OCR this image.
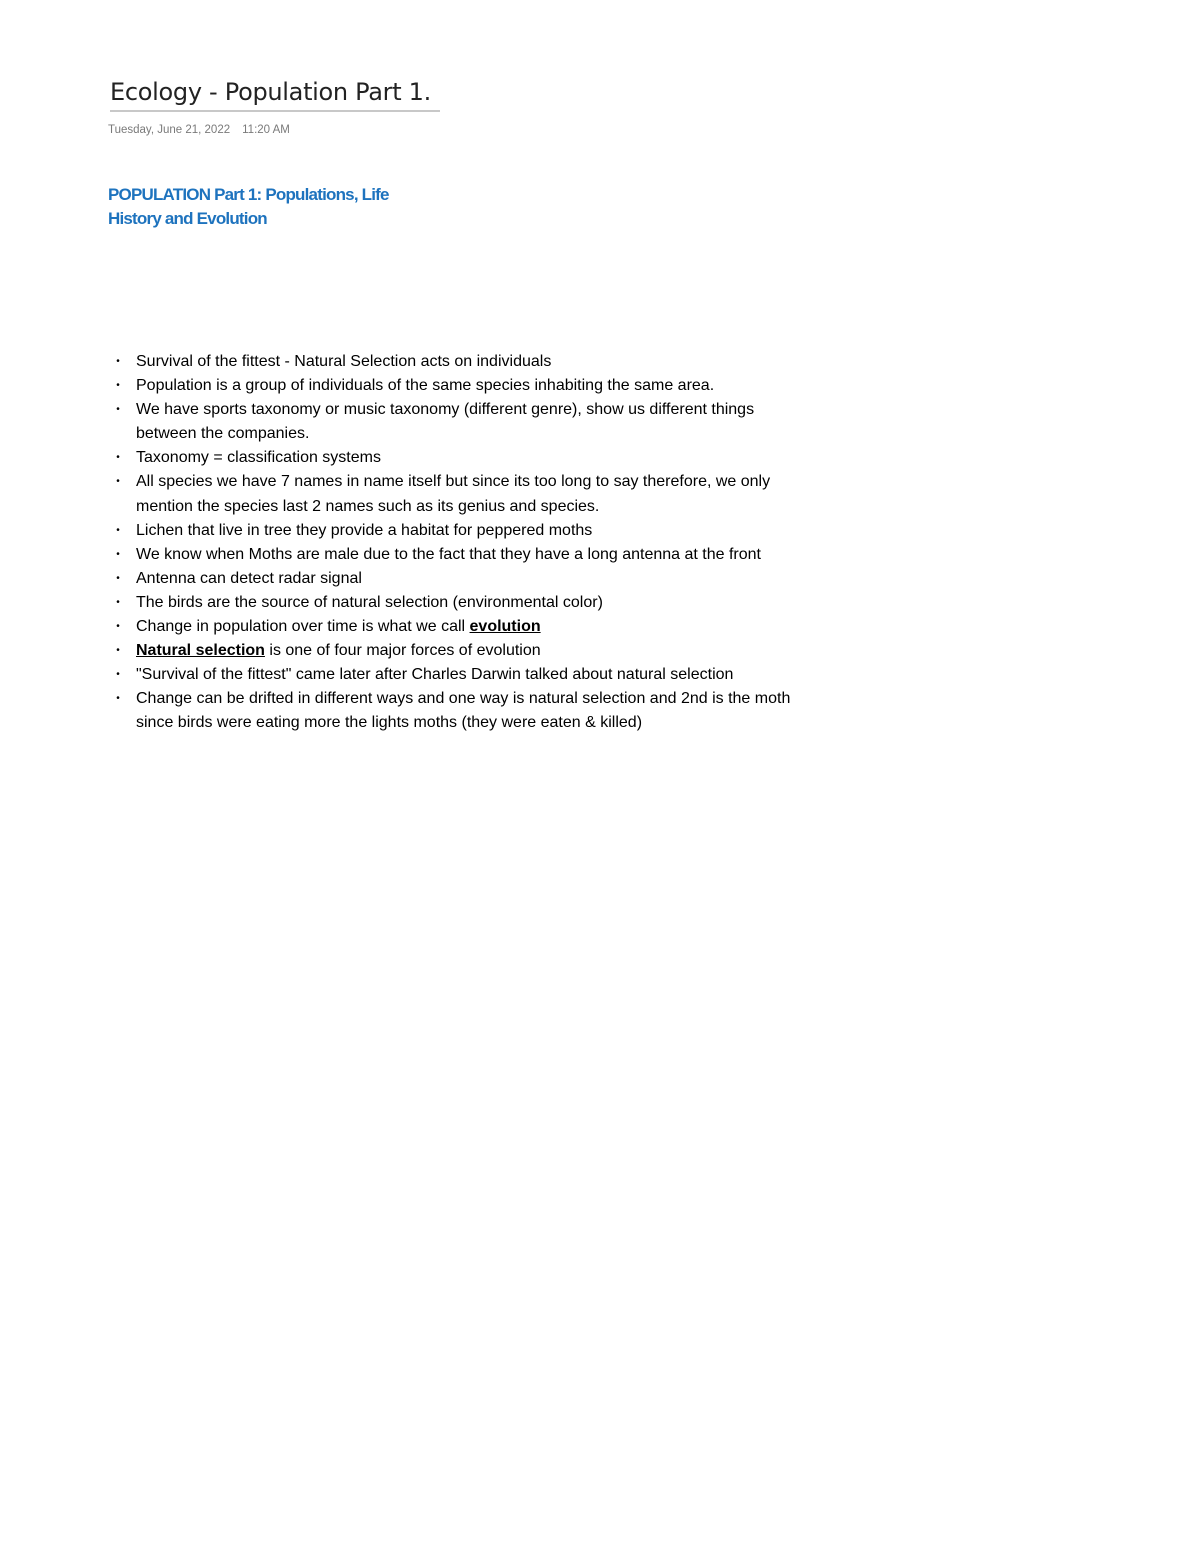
Ecology - Population Part 1.
Tuesday, June 21, 2022 11:20 AM
POPULATION Part 1: Populations, Life
History and Evolution
• Survival of the fittest - Natural Selection acts on individuals
• Population is a group of individuals of the same species inhabiting the same area.
• We have sports taxonomy or music taxonomy (different genre), show us different things between the companies.
• Taxonomy = classification systems
• All species we have 7 names in name itself but since its too long to say therefore, we only mention the species last 2 names such as its genius and species.
• Lichen that live in tree they provide a habitat for peppered moths
• We know when Moths are male due to the fact that they have a long antenna at the front
• Antenna can detect radar signal
• The birds are the source of natural selection (environmental color)
• Change in population over time is what we call evolution
• Natural selection is one of four major forces of evolution
• "Survival of the fittest" came later after Charles Darwin talked about natural selection
• Change can be drifted in different ways and one way is natural selection and 2nd is the moth since birds were eating more the lights moths (they were eaten & killed)
